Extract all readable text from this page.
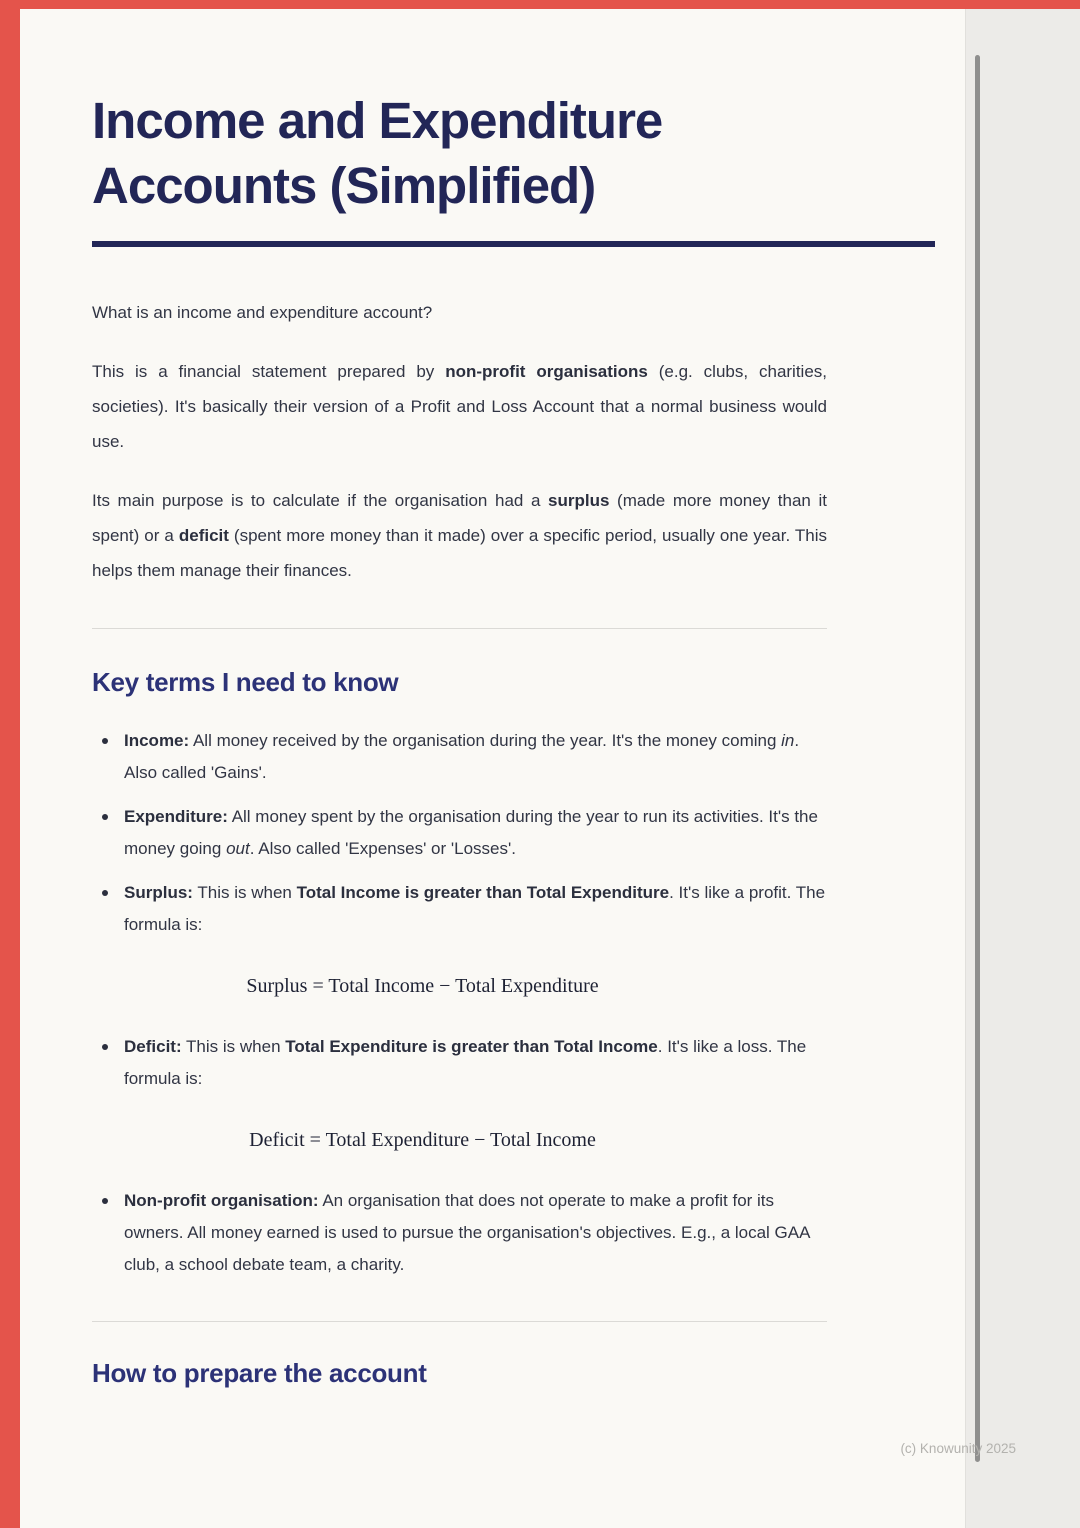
Income and Expenditure
Accounts (Simplified)

What is an income and expenditure account?

This is a financial statement prepared by non-profit organisations (e.g. clubs, charities, societies). It's basically their version of a Profit and Loss Account that a normal business would use.

Its main purpose is to calculate if the organisation had a surplus (made more money than it spent) or a deficit (spent more money than it made) over a specific period, usually one year. This helps them manage their finances.

Key terms I need to know
Income: All money received by the organisation during the year. It's the money coming in. Also called 'Gains'.
Expenditure: All money spent by the organisation during the year to run its activities. It's the money going out. Also called 'Expenses' or 'Losses'.
Surplus: This is when Total Income is greater than Total Expenditure. It's like a profit. The formula is:
Surplus = Total Income − Total Expenditure
Deficit: This is when Total Expenditure is greater than Total Income. It's like a loss. The formula is:
Deficit = Total Expenditure − Total Income
Non-profit organisation: An organisation that does not operate to make a profit for its owners. All money earned is used to pursue the organisation's objectives. E.g., a local GAA club, a school debate team, a charity.
How to prepare the account
(c) Knowunity 2025
